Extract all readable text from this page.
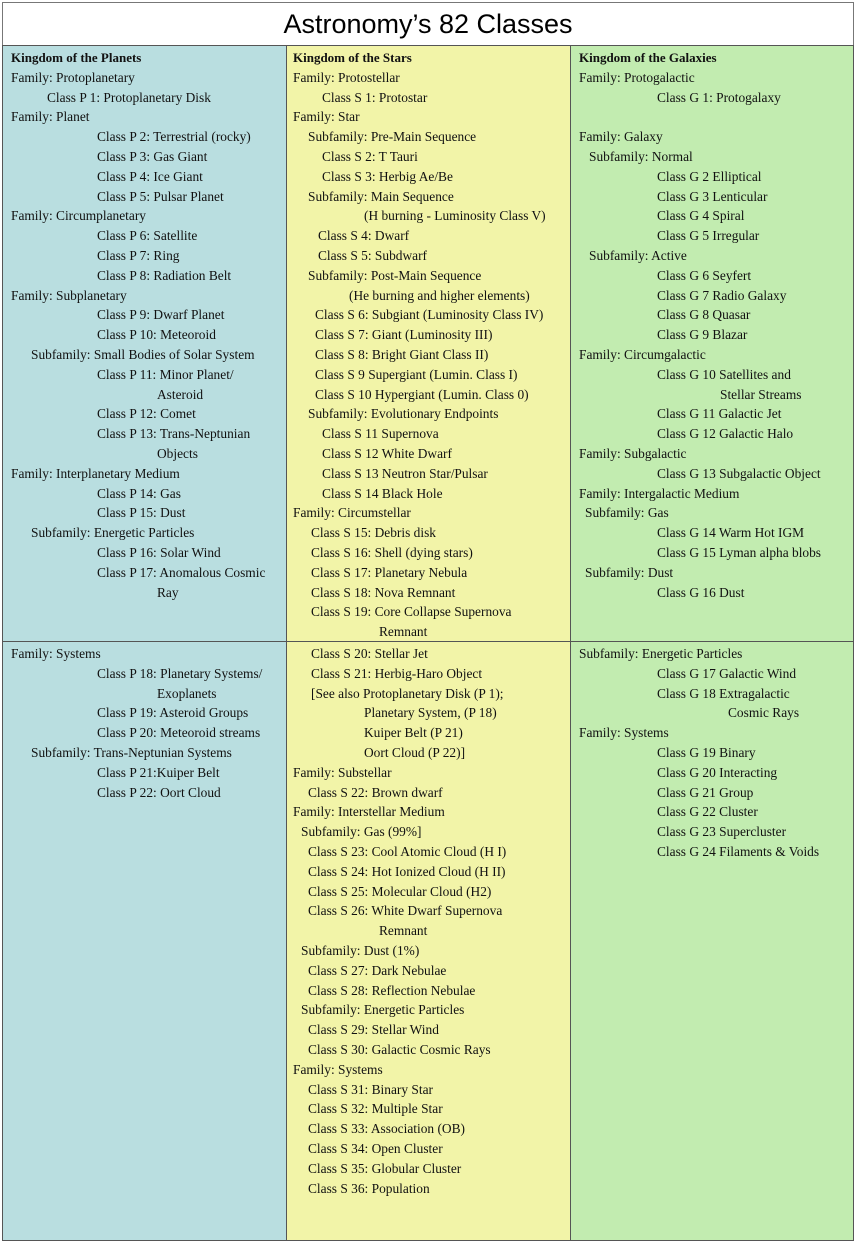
Astronomy’s 82 Classes
Kingdom of the Planets
Family: Protoplanetary
Class P 1: Protoplanetary Disk
Family: Planet
Class P 2: Terrestrial (rocky)
Class P 3: Gas Giant
Class P 4: Ice Giant
Class P 5: Pulsar Planet
Family: Circumplanetary
Class P 6: Satellite
Class P 7: Ring
Class P 8: Radiation Belt
Family: Subplanetary
Class P 9: Dwarf Planet
Class P 10: Meteoroid
Subfamily: Small Bodies of Solar System
Class P 11: Minor Planet/
Asteroid
Class P 12: Comet
Class P 13: Trans-Neptunian
Objects
Family: Interplanetary Medium
Class P 14: Gas
Class P 15: Dust
Subfamily: Energetic Particles
Class P 16: Solar Wind
Class P 17: Anomalous Cosmic
Ray
Kingdom of the Stars
Family: Protostellar
Class S 1: Protostar
Family: Star
Subfamily: Pre-Main Sequence
Class S 2: T Tauri
Class S 3: Herbig Ae/Be
Subfamily: Main Sequence
(H burning - Luminosity Class V)
Class S 4: Dwarf
Class S 5: Subdwarf
Subfamily: Post-Main Sequence
(He burning and higher elements)
Class S 6: Subgiant (Luminosity Class IV)
Class S 7: Giant (Luminosity III)
Class S 8: Bright Giant Class II)
Class S 9 Supergiant (Lumin. Class I)
Class S 10 Hypergiant (Lumin. Class 0)
Subfamily: Evolutionary Endpoints
Class S 11 Supernova
Class S 12 White Dwarf
Class S 13 Neutron Star/Pulsar
Class S 14 Black Hole
Family: Circumstellar
Class S 15: Debris disk
Class S 16: Shell (dying stars)
Class S 17: Planetary Nebula
Class S 18: Nova Remnant
Class S 19: Core Collapse Supernova
Remnant
Kingdom of the Galaxies
Family: Protogalactic
Class G 1: Protogalaxy
Family: Galaxy
Subfamily: Normal
Class G 2 Elliptical
Class G 3 Lenticular
Class G 4 Spiral
Class G 5 Irregular
Subfamily: Active
Class G 6 Seyfert
Class G 7 Radio Galaxy
Class G 8 Quasar
Class G 9 Blazar
Family: Circumgalactic
Class G 10 Satellites and
Stellar Streams
Class G 11 Galactic Jet
Class G 12 Galactic Halo
Family: Subgalactic
Class G 13 Subgalactic Object
Family: Intergalactic Medium
Subfamily: Gas
Class G 14 Warm Hot IGM
Class G 15 Lyman alpha blobs
Subfamily: Dust
Class G 16 Dust
Family: Systems
Class P 18: Planetary Systems/
Exoplanets
Class P 19: Asteroid Groups
Class P 20: Meteoroid streams
Subfamily: Trans-Neptunian Systems
Class P 21:Kuiper Belt
Class P 22: Oort Cloud
Class S 20: Stellar Jet
Class S 21: Herbig-Haro Object
[See also Protoplanetary Disk (P 1);
Planetary System, (P 18)
Kuiper Belt (P 21)
Oort Cloud (P 22)]
Family: Substellar
Class S 22: Brown dwarf
Family: Interstellar Medium
Subfamily: Gas (99%]
Class S 23: Cool Atomic Cloud (H I)
Class S 24: Hot Ionized Cloud (H II)
Class S 25: Molecular Cloud (H2)
Class S 26: White Dwarf Supernova
Remnant
Subfamily: Dust (1%)
Class S 27: Dark Nebulae
Class S 28: Reflection Nebulae
Subfamily: Energetic Particles
Class S 29: Stellar Wind
Class S 30: Galactic Cosmic Rays
Family: Systems
Class S 31: Binary Star
Class S 32: Multiple Star
Class S 33: Association (OB)
Class S 34: Open Cluster
Class S 35: Globular Cluster
Class S 36: Population
Subfamily: Energetic Particles
Class G 17 Galactic Wind
Class G 18 Extragalactic
Cosmic Rays
Family: Systems
Class G 19 Binary
Class G 20 Interacting
Class G 21 Group
Class G 22 Cluster
Class G 23 Supercluster
Class G 24 Filaments & Voids
